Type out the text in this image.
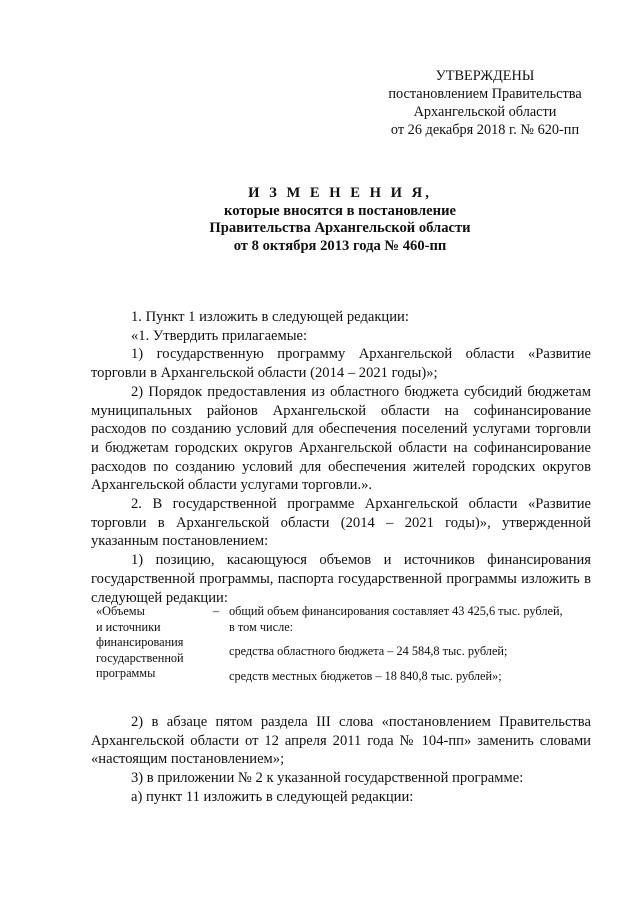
УТВЕРЖДЕНЫ
постановлением Правительства
Архангельской области
от 26 декабря 2018 г. № 620-пп
И З М Е Н Е Н И Я,
которые вносятся в постановление
Правительства Архангельской области
от 8 октября 2013 года № 460-пп

1. Пункт 1 изложить в следующей редакции:

«1. Утвердить прилагаемые:

1) государственную программу Архангельской области «Развитие торговли в Архангельской области (2014 – 2021 годы)»;

2) Порядок предоставления из областного бюджета субсидий бюджетам муниципальных районов Архангельской области на софинансирование расходов по созданию условий для обеспечения поселений услугами торговли и бюджетам городских округов Архангельской области на софинансирование расходов по созданию условий для обеспечения жителей городских округов Архангельской области услугами торговли.».

2. В государственной программе Архангельской области «Развитие торговли в Архангельской области (2014 – 2021 годы)», утвержденной указанным постановлением:

1) позицию, касающуюся объемов и источников финансирования государственной программы, паспорта государственной программы изложить в следующей редакции:

«Объемы
и источники
финансирования
государственной
программы
– общий объем финансирования составляет 43 425,6 тыс. рублей,
в том числе:
средства областного бюджета – 24 584,8 тыс. рублей;
средств местных бюджетов – 18 840,8 тыс. рублей»;

2) в абзаце пятом раздела III слова «постановлением Правительства Архангельской области от 12 апреля 2011 года № 104-пп» заменить словами «настоящим постановлением»;

3) в приложении № 2 к указанной государственной программе:

а) пункт 11 изложить в следующей редакции:
